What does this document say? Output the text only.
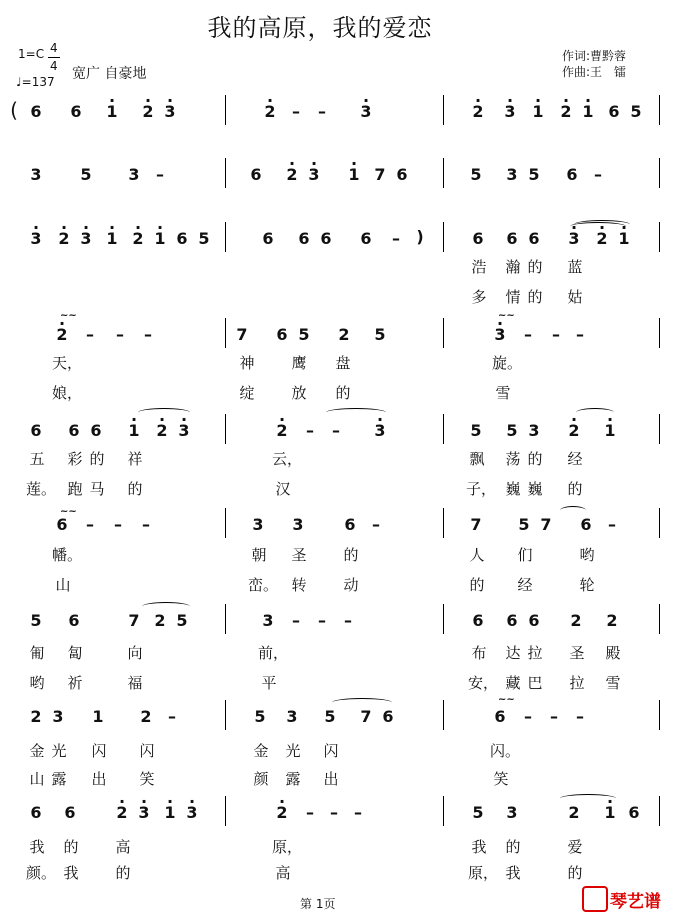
我的高原，我的爱恋
1=C 4
4
♩=137 宽广 自豪地
作词:曹黔蓉
作曲:王　镭
6 6 · 1 · 2 · 3	· 2	–	–	· 3	· 2 · 3 · 1 · 2 · 1 6 5
3 5 3	–	6 · 2 · 3 · 1 7 6	5 3 5 6	–
· 3 · 2 · 3 · 1 · 2 · 1 6 5	6 6 6 6	–	6 6 6 · 3 · 2 · 1
· 2	–	–	–	7 6 5 2 5	· 3	–	–	–
6 6 6 · 1 · 2 · 3	· 2	–	–	· 3	5 5 3 · 2 · 1
6	–	–	–	3 3	6	–	7 5 7 6	–
5 6	7 2 5	3	–	–	–	6 6 6 2 2
2 3 1 2	–	5 3 5 7 6	6	–	–	–
6 6	· 2 · 3 · 1 · 3	· 2	–	–	–	5 3	2 · 1 6
(
)
~~	~~
~~
~~
浩 瀚 的 蓝
天，	神 鹰 盘	旋。
五 彩 的 祥	云，	飘 荡 的 经
幡。	朝 圣 的	人 们	哟
匍 匐	向	前，	布 达 拉 圣 殿
金 光 闪 闪	金 光 闪	闪。
我 的 高	原，	我 的	爱
多 情 的 姑
娘，	绽 放 的	雪
莲。 跑 马 的	汉	子， 巍 巍 的
山	峦。 转 动	的 经	轮
哟 祈	福	平	安， 藏 巴 拉 雪
山 露 出 笑	颜 露 出	笑
颜。 我 的	高	原， 我	的
第 1页	琴艺谱
